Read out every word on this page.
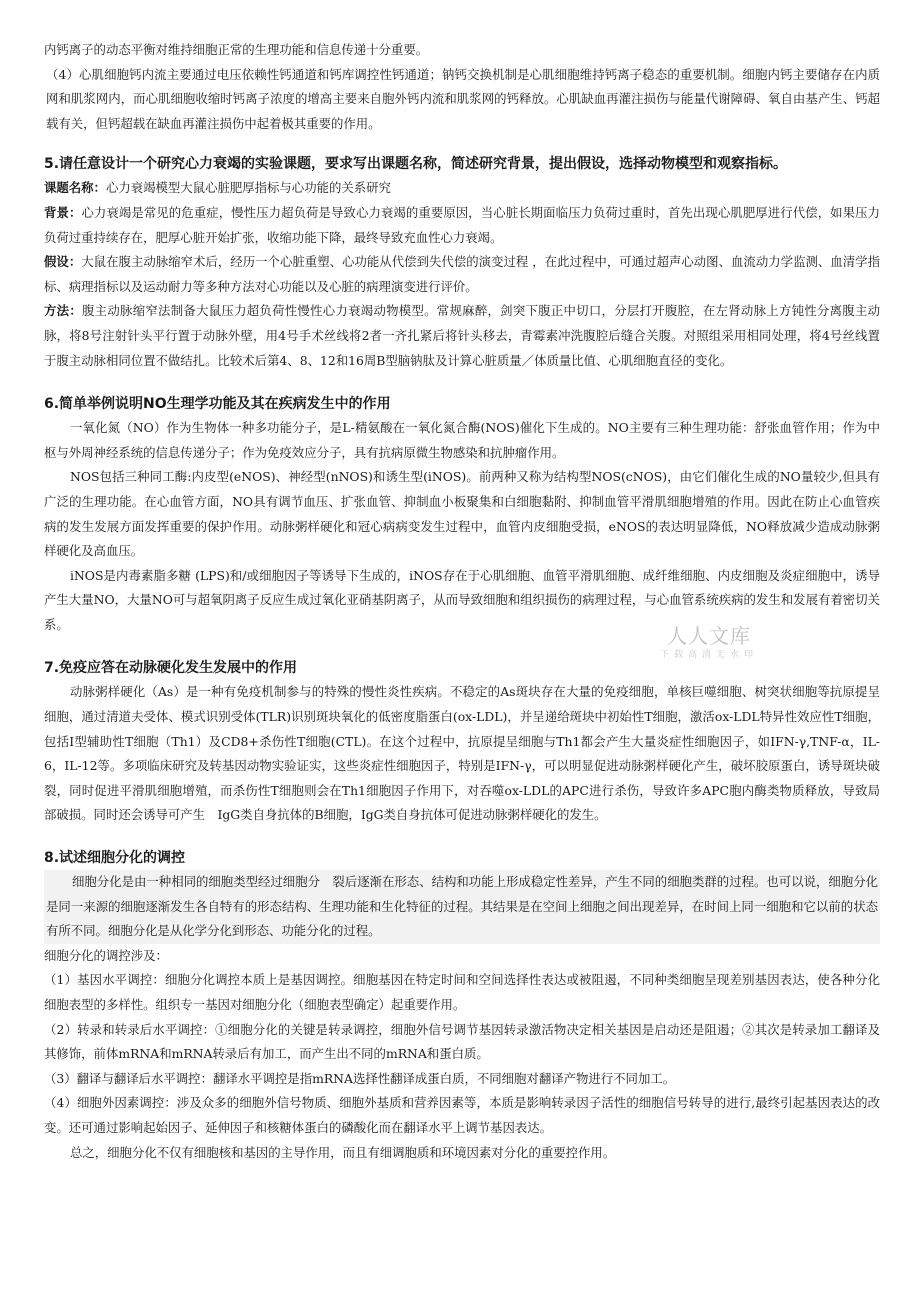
内钙离子的动态平衡对维持细胞正常的生理功能和信息传递十分重要。

（4）心肌细胞钙内流主要通过电压依赖性钙通道和钙库调控性钙通道；钠钙交换机制是心肌细胞维持钙离子稳态的重要机制。细胞内钙主要储存在内质网和肌浆网内，而心肌细胞收缩时钙离子浓度的增高主要来自胞外钙内流和肌浆网的钙释放。心肌缺血再灌注损伤与能量代谢障碍、氧自由基产生、钙超载有关，但钙超载在缺血再灌注损伤中起着极其重要的作用。

5.请任意设计一个研究心力衰竭的实验课题，要求写出课题名称，简述研究背景，提出假设，选择动物模型和观察指标。

课题名称：心力衰竭模型大鼠心脏肥厚指标与心功能的关系研究

背景：心力衰竭是常见的危重症，慢性压力超负荷是导致心力衰竭的重要原因，当心脏长期面临压力负荷过重时，首先出现心肌肥厚进行代偿，如果压力负荷过重持续存在，肥厚心脏开始扩张，收缩功能下降，最终导致充血性心力衰竭。

假设：大鼠在腹主动脉缩窄术后，经历一个心脏重塑、心功能从代偿到失代偿的演变过程 ，在此过程中，可通过超声心动图、血流动力学监测、血清学指标、病理指标以及运动耐力等多种方法对心功能以及心脏的病理演变进行评价。

方法：腹主动脉缩窄法制备大鼠压力超负荷性慢性心力衰竭动物模型。常规麻醉，剑突下腹正中切口，分层打开腹腔，在左肾动脉上方钝性分离腹主动脉，将8号注射针头平行置于动脉外壁，用4号手术丝线将2者一齐扎紧后将针头移去，青霉素冲洗腹腔后缝合关腹。对照组采用相同处理，将4号丝线置于腹主动脉相同位置不做结扎。比较术后第4、8、12和16周B型脑钠肽及计算心脏质量／体质量比值、心肌细胞直径的变化。

6.简单举例说明NO生理学功能及其在疾病发生中的作用

一氧化氮（NO）作为生物体一种多功能分子，是L-精氨酸在一氧化氮合酶(NOS)催化下生成的。NO主要有三种生理功能：舒张血管作用；作为中枢与外周神经系统的信息传递分子；作为免疫效应分子，具有抗病原微生物感染和抗肿瘤作用。

NOS包括三种同工酶:内皮型(eNOS)、神经型(nNOS)和诱生型(iNOS)。前两种又称为结构型NOS(cNOS)，由它们催化生成的NO量较少,但具有广泛的生理功能。在心血管方面，NO具有调节血压、扩张血管、抑制血小板聚集和白细胞黏附、抑制血管平滑肌细胞增殖的作用。因此在防止心血管疾病的发生发展方面发挥重要的保护作用。动脉粥样硬化和冠心病病变发生过程中，血管内皮细胞受损，eNOS的表达明显降低，NO释放减少造成动脉粥样硬化及高血压。

iNOS是内毒素脂多糖 (LPS)和/或细胞因子等诱导下生成的，iNOS存在于心肌细胞、血管平滑肌细胞、成纤维细胞、内皮细胞及炎症细胞中，诱导产生大量NO，大量NO可与超氧阴离子反应生成过氧化亚硝基阴离子，从而导致细胞和组织损伤的病理过程，与心血管系统疾病的发生和发展有着密切关系。

7.免疫应答在动脉硬化发生发展中的作用

动脉粥样硬化（As）是一种有免疫机制参与的特殊的慢性炎性疾病。不稳定的As斑块存在大量的免疫细胞，单核巨噬细胞、树突状细胞等抗原提呈细胞，通过清道夫受体、模式识别受体(TLR)识别斑块氧化的低密度脂蛋白(ox-LDL)，并呈递给斑块中初始性T细胞，激活ox-LDL特异性效应性T细胞，包括Ⅰ型辅助性T细胞（Th1）及CD8+杀伤性T细胞(CTL)。在这个过程中，抗原提呈细胞与Th1都会产生大量炎症性细胞因子，如IFN-γ,TNF-α，IL-6，IL-12等。多项临床研究及转基因动物实验证实，这些炎症性细胞因子，特别是IFN-γ，可以明显促进动脉粥样硬化产生，破坏胶原蛋白，诱导斑块破裂，同时促进平滑肌细胞增殖，而杀伤性T细胞则会在Th1细胞因子作用下，对吞噬ox-LDL的APC进行杀伤，导致许多APC胞内酶类物质释放，导致局部破损。同时还会诱导可产生　IgG类自身抗体的B细胞，IgG类自身抗体可促进动脉粥样硬化的发生。

8.试述细胞分化的调控

细胞分化是由一种相同的细胞类型经过细胞分　裂后逐渐在形态、结构和功能上形成稳定性差异，产生不同的细胞类群的过程。也可以说，细胞分化是同一来源的细胞逐渐发生各自特有的形态结构、生理功能和生化特征的过程。其结果是在空间上细胞之间出现差异，在时间上同一细胞和它以前的状态有所不同。细胞分化是从化学分化到形态、功能分化的过程。

细胞分化的调控涉及：

（1）基因水平调控：细胞分化调控本质上是基因调控。细胞基因在特定时间和空间选择性表达或被阻遏，不同种类细胞呈现差别基因表达，使各种分化细胞表型的多样性。组织专一基因对细胞分化（细胞表型确定）起重要作用。

（2）转录和转录后水平调控：①细胞分化的关键是转录调控，细胞外信号调节基因转录激活物决定相关基因是启动还是阻遏；②其次是转录加工翻译及其修饰，前体mRNA和mRNA转录后有加工，而产生出不同的mRNA和蛋白质。

（3）翻译与翻译后水平调控：翻译水平调控是指mRNA选择性翻译成蛋白质，不同细胞对翻译产物进行不同加工。

（4）细胞外因素调控：涉及众多的细胞外信号物质、细胞外基质和营养因素等，本质是影响转录因子活性的细胞信号转导的进行,最终引起基因表达的改变。还可通过影响起始因子、延伸因子和核糖体蛋白的磷酸化而在翻译水平上调节基因表达。

总之，细胞分化不仅有细胞核和基因的主导作用，而且有细调胞质和环境因素对分化的重要控作用。

人人文库
下载高清无水印
